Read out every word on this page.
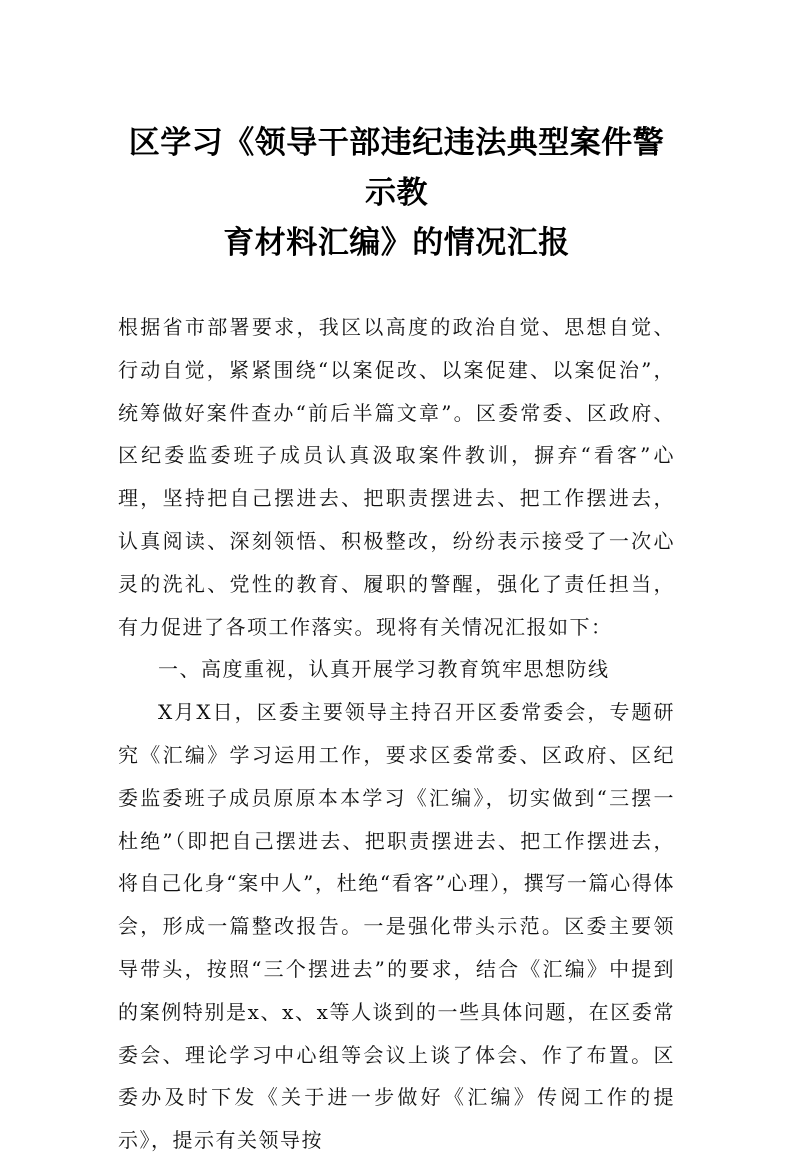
区学习《领导干部违纪违法典型案件警示教
育材料汇编》的情况汇报

根据省市部署要求，我区以高度的政治自觉、思想自觉、行动自觉，紧紧围绕“以案促改、以案促建、以案促治”，统筹做好案件查办“前后半篇文章”。区委常委、区政府、区纪委监委班子成员认真汲取案件教训，摒弃“看客”心理，坚持把自己摆进去、把职责摆进去、把工作摆进去，认真阅读、深刻领悟、积极整改，纷纷表示接受了一次心灵的洗礼、党性的教育、履职的警醒，强化了责任担当，有力促进了各项工作落实。现将有关情况汇报如下：

一、高度重视，认真开展学习教育筑牢思想防线

X月X日，区委主要领导主持召开区委常委会，专题研究《汇编》学习运用工作，要求区委常委、区政府、区纪委监委班子成员原原本本学习《汇编》，切实做到“三摆一杜绝”（即把自己摆进去、把职责摆进去、把工作摆进去，将自己化身“案中人”，杜绝“看客”心理），撰写一篇心得体会，形成一篇整改报告。一是强化带头示范。区委主要领导带头，按照“三个摆进去”的要求，结合《汇编》中提到的案例特别是x、x、x等人谈到的一些具体问题，在区委常委会、理论学习中心组等会议上谈了体会、作了布置。区委办及时下发《关于进一步做好《汇编》传阅工作的提示》，提示有关领导按
